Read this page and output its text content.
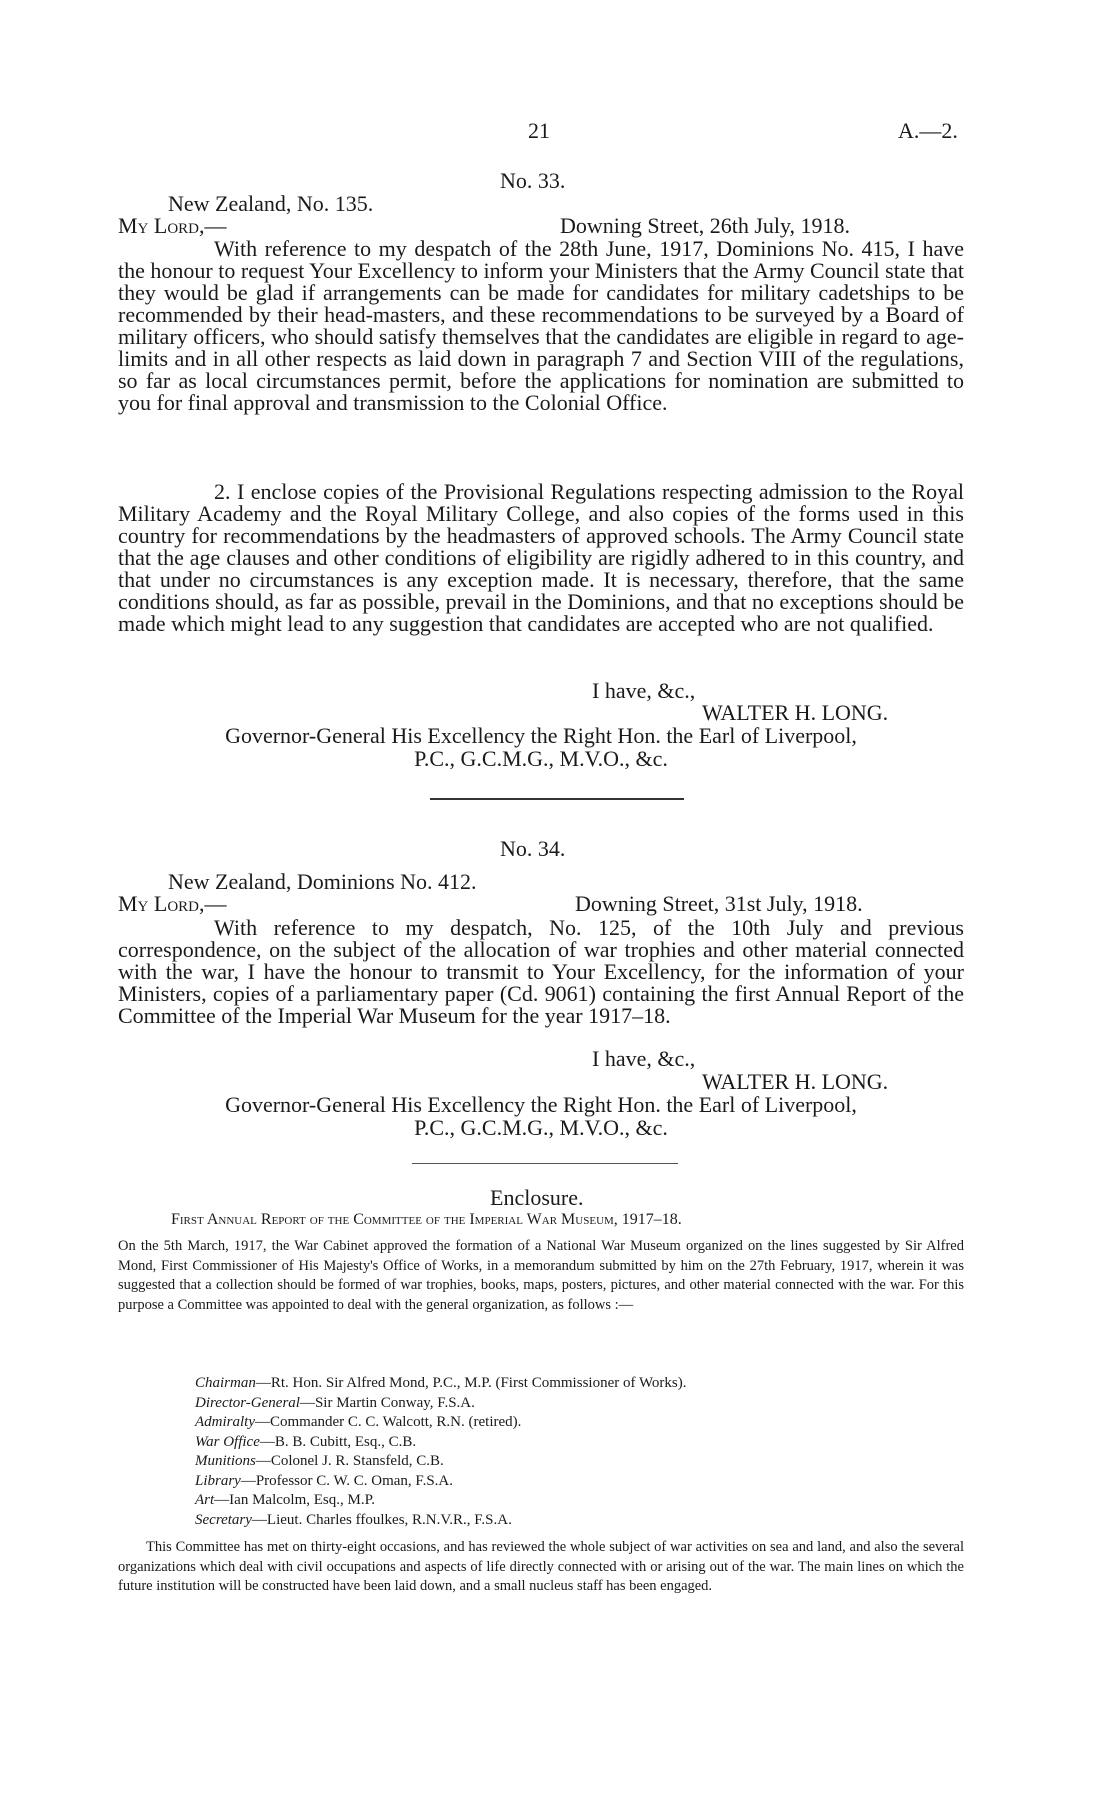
21	A.—2.
No. 33.
New Zealand, No. 135.
My Lord,—	Downing Street, 26th July, 1918.

With reference to my despatch of the 28th June, 1917, Dominions No. 415, I have the honour to request Your Excellency to inform your Ministers that the Army Council state that they would be glad if arrangements can be made for candidates for military cadetships to be recommended by their head-masters, and these recommendations to be surveyed by a Board of military officers, who should satisfy themselves that the candidates are eligible in regard to age-limits and in all other respects as laid down in paragraph 7 and Section VIII of the regulations, so far as local circumstances permit, before the applications for nomination are submitted to you for final approval and transmission to the Colonial Office.

2. I enclose copies of the Provisional Regulations respecting admission to the Royal Military Academy and the Royal Military College, and also copies of the forms used in this country for recommendations by the headmasters of approved schools. The Army Council state that the age clauses and other conditions of eligibility are rigidly adhered to in this country, and that under no circumstances is any exception made. It is necessary, therefore, that the same conditions should, as far as possible, prevail in the Dominions, and that no exceptions should be made which might lead to any suggestion that candidates are accepted who are not qualified.

I have, &c.,
WALTER H. LONG.
Governor-General His Excellency the Right Hon. the Earl of Liverpool,
P.C., G.C.M.G., M.V.O., &c.
No. 34.
New Zealand, Dominions No. 412.
My Lord,—	Downing Street, 31st July, 1918.

With reference to my despatch, No. 125, of the 10th July and previous correspondence, on the subject of the allocation of war trophies and other material connected with the war, I have the honour to transmit to Your Excellency, for the information of your Ministers, copies of a parliamentary paper (Cd. 9061) containing the first Annual Report of the Committee of the Imperial War Museum for the year 1917–18.

I have, &c.,
WALTER H. LONG.
Governor-General His Excellency the Right Hon. the Earl of Liverpool,
P.C., G.C.M.G., M.V.O., &c.
Enclosure.
First Annual Report of the Committee of the Imperial War Museum, 1917–18.

On the 5th March, 1917, the War Cabinet approved the formation of a National War Museum organized on the lines suggested by Sir Alfred Mond, First Commissioner of His Majesty's Office of Works, in a memorandum submitted by him on the 27th February, 1917, wherein it was suggested that a collection should be formed of war trophies, books, maps, posters, pictures, and other material connected with the war. For this purpose a Committee was appointed to deal with the general organization, as follows :—

Chairman—Rt. Hon. Sir Alfred Mond, P.C., M.P. (First Commissioner of Works).
Director-General—Sir Martin Conway, F.S.A.
Admiralty—Commander C. C. Walcott, R.N. (retired).
War Office—B. B. Cubitt, Esq., C.B.
Munitions—Colonel J. R. Stansfeld, C.B.
Library—Professor C. W. C. Oman, F.S.A.
Art—Ian Malcolm, Esq., M.P.
Secretary—Lieut. Charles ffoulkes, R.N.V.R., F.S.A.

This Committee has met on thirty-eight occasions, and has reviewed the whole subject of war activities on sea and land, and also the several organizations which deal with civil occupations and aspects of life directly connected with or arising out of the war. The main lines on which the future institution will be constructed have been laid down, and a small nucleus staff has been engaged.
